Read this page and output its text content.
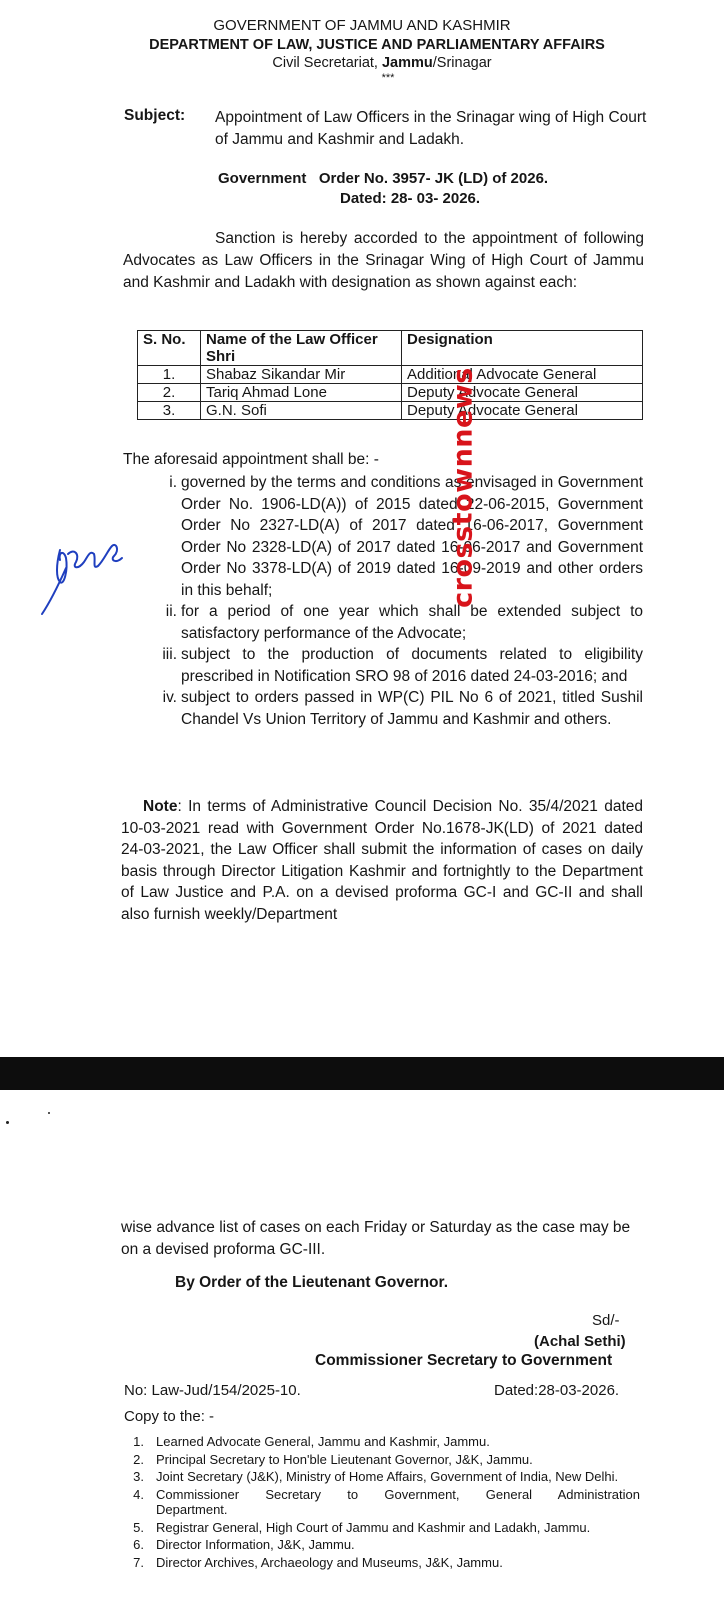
GOVERNMENT OF JAMMU AND KASHMIR
DEPARTMENT OF LAW, JUSTICE AND PARLIAMENTARY AFFAIRS
Civil Secretariat, Jammu/Srinagar
***
Subject: Appointment of Law Officers in the Srinagar wing of High Court of Jammu and Kashmir and Ladakh.
Government   Order No. 3957- JK (LD) of 2026.
Dated: 28- 03- 2026.
Sanction is hereby accorded to the appointment of following Advocates as Law Officers in the Srinagar Wing of High Court of Jammu and Kashmir and Ladakh with designation as shown against each:
S. No.	Name of the Law Officer Shri	Designation
1.	Shabaz Sikandar Mir	Additional Advocate General
2.	Tariq Ahmad Lone	Deputy Advocate General
3.	G.N. Sofi	Deputy Advocate General
The aforesaid appointment shall be: -
i. governed by the terms and conditions as envisaged in Government Order No. 1906-LD(A)) of 2015 dated 22-06-2015, Government Order No 2327-LD(A) of 2017 dated 16-06-2017, Government Order No 2328-LD(A) of 2017 dated 16-06-2017 and Government Order No 3378-LD(A) of 2019 dated 16-09-2019 and other orders in this behalf;
ii. for a period of one year which shall be extended subject to satisfactory performance of the Advocate;
iii. subject to the production of documents related to eligibility prescribed in Notification SRO 98 of 2016 dated 24-03-2016; and
iv. subject to orders passed in WP(C) PIL No 6 of 2021, titled Sushil Chandel Vs Union Territory of Jammu and Kashmir and others.
Note: In terms of Administrative Council Decision No. 35/4/2021 dated 10-03-2021 read with Government Order No.1678-JK(LD) of 2021 dated 24-03-2021, the Law Officer shall submit the information of cases on daily basis through Director Litigation Kashmir and fortnightly to the Department of Law Justice and P.A. on a devised proforma GC-I and GC-II and shall also furnish weekly/Department
wise advance list of cases on each Friday or Saturday as the case may be on a devised proforma GC-III.
By Order of the Lieutenant Governor.
Sd/-
(Achal Sethi)
Commissioner Secretary to Government
No: Law-Jud/154/2025-10.	Dated:28-03-2026.
Copy to the: -
1. Learned Advocate General, Jammu and Kashmir, Jammu.
2. Principal Secretary to Hon'ble Lieutenant Governor, J&K, Jammu.
3. Joint Secretary (J&K), Ministry of Home Affairs, Government of India, New Delhi.
4. Commissioner Secretary to Government, General Administration Department.
5. Registrar General, High Court of Jammu and Kashmir and Ladakh, Jammu.
6. Director Information, J&K, Jammu.
7. Director Archives, Archaeology and Museums, J&K, Jammu.
crosstownnews
